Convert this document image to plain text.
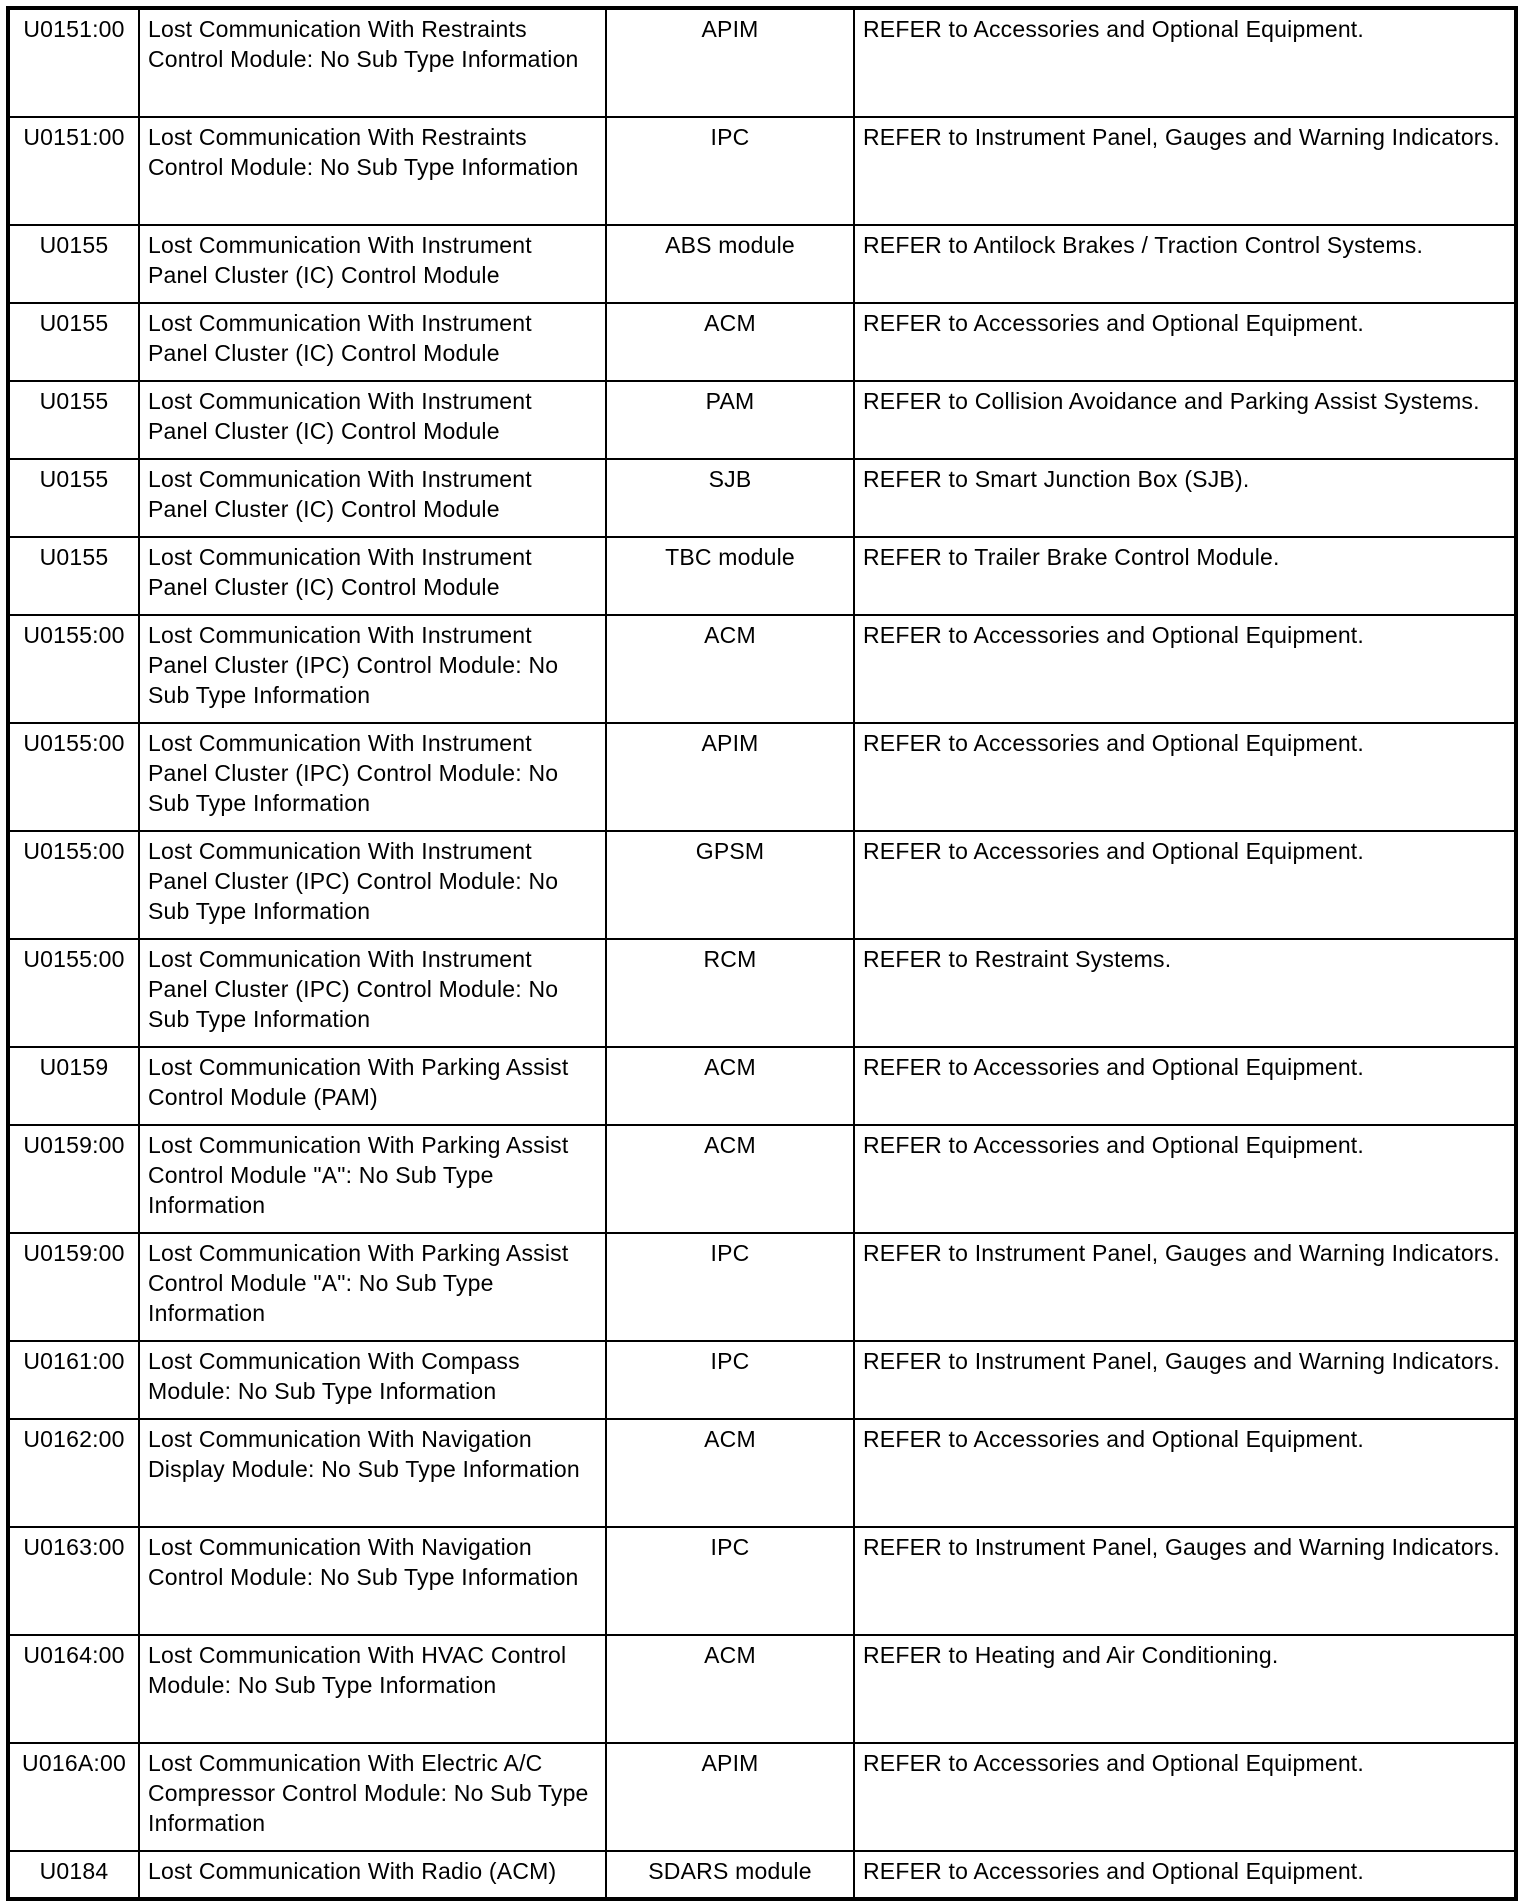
U0151:00	Lost Communication With Restraints Control Module: No Sub Type Information	APIM	REFER to Accessories and Optional Equipment.
U0151:00	Lost Communication With Restraints Control Module: No Sub Type Information	IPC	REFER to Instrument Panel, Gauges and Warning Indicators.
U0155	Lost Communication With Instrument Panel Cluster (IC) Control Module	ABS module	REFER to Antilock Brakes / Traction Control Systems.
U0155	Lost Communication With Instrument Panel Cluster (IC) Control Module	ACM	REFER to Accessories and Optional Equipment.
U0155	Lost Communication With Instrument Panel Cluster (IC) Control Module	PAM	REFER to Collision Avoidance and Parking Assist Systems.
U0155	Lost Communication With Instrument Panel Cluster (IC) Control Module	SJB	REFER to Smart Junction Box (SJB).
U0155	Lost Communication With Instrument Panel Cluster (IC) Control Module	TBC module	REFER to Trailer Brake Control Module.
U0155:00	Lost Communication With Instrument Panel Cluster (IPC) Control Module: No Sub Type Information	ACM	REFER to Accessories and Optional Equipment.
U0155:00	Lost Communication With Instrument Panel Cluster (IPC) Control Module: No Sub Type Information	APIM	REFER to Accessories and Optional Equipment.
U0155:00	Lost Communication With Instrument Panel Cluster (IPC) Control Module: No Sub Type Information	GPSM	REFER to Accessories and Optional Equipment.
U0155:00	Lost Communication With Instrument Panel Cluster (IPC) Control Module: No Sub Type Information	RCM	REFER to Restraint Systems.
U0159	Lost Communication With Parking Assist Control Module (PAM)	ACM	REFER to Accessories and Optional Equipment.
U0159:00	Lost Communication With Parking Assist Control Module "A": No Sub Type Information	ACM	REFER to Accessories and Optional Equipment.
U0159:00	Lost Communication With Parking Assist Control Module "A": No Sub Type Information	IPC	REFER to Instrument Panel, Gauges and Warning Indicators.
U0161:00	Lost Communication With Compass Module: No Sub Type Information	IPC	REFER to Instrument Panel, Gauges and Warning Indicators.
U0162:00	Lost Communication With Navigation Display Module: No Sub Type Information	ACM	REFER to Accessories and Optional Equipment.
U0163:00	Lost Communication With Navigation Control Module: No Sub Type Information	IPC	REFER to Instrument Panel, Gauges and Warning Indicators.
U0164:00	Lost Communication With HVAC Control Module: No Sub Type Information	ACM	REFER to Heating and Air Conditioning.
U016A:00	Lost Communication With Electric A/C Compressor Control Module: No Sub Type Information	APIM	REFER to Accessories and Optional Equipment.
U0184	Lost Communication With Radio (ACM)	SDARS module	REFER to Accessories and Optional Equipment.
